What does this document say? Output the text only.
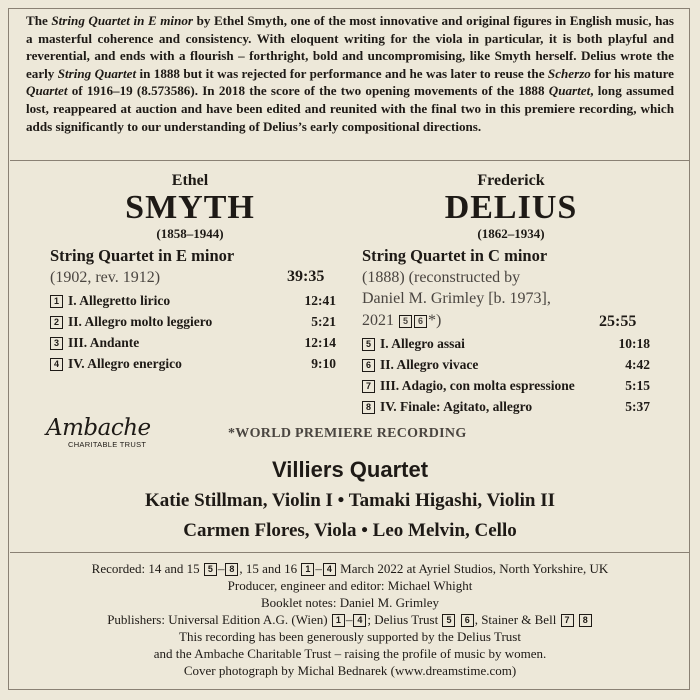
The String Quartet in E minor by Ethel Smyth, one of the most innovative and original figures in English music, has a masterful coherence and consistency. With eloquent writing for the viola in particular, it is both playful and reverential, and ends with a flourish – forthright, bold and uncompromising, like Smyth herself. Delius wrote the early String Quartet in 1888 but it was rejected for performance and he was later to reuse the Scherzo for his mature Quartet of 1916–19 (8.573586). In 2018 the score of the two opening movements of the 1888 Quartet, long assumed lost, reappeared at auction and have been edited and reunited with the final two in this premiere recording, which adds significantly to our understanding of Delius’s early compositional directions.
Ethel
SMYTH
(1858–1944)
String Quartet in E minor
(1902, rev. 1912)	39:35
1 I. Allegretto lirico	12:41
2 II. Allegro molto leggiero	5:21
3 III. Andante	12:14
4 IV. Allegro energico	9:10
Frederick
DELIUS
(1862–1934)
String Quartet in C minor
(1888) (reconstructed by
Daniel M. Grimley [b. 1973],
2021 5 6 *)	25:55
5 I. Allegro assai	10:18
6 II. Allegro vivace	4:42
7 III. Adagio, con molta espressione	5:15
8 IV. Finale: Agitato, allegro	5:37
Ambache
CHARITABLE TRUST
*WORLD PREMIERE RECORDING
Villiers Quartet
Katie Stillman, Violin I • Tamaki Higashi, Violin II
Carmen Flores, Viola • Leo Melvin, Cello
Recorded: 14 and 15 5 – 8 , 15 and 16 1 – 4 March 2022 at Ayriel Studios, North Yorkshire, UK
Producer, engineer and editor: Michael Whight
Booklet notes: Daniel M. Grimley
Publishers: Universal Edition A.G. (Wien) 1 – 4 ; Delius Trust 5 6 , Stainer & Bell 7 8
This recording has been generously supported by the Delius Trust
and the Ambache Charitable Trust – raising the profile of music by women.
Cover photograph by Michal Bednarek (www.dreamstime.com)
